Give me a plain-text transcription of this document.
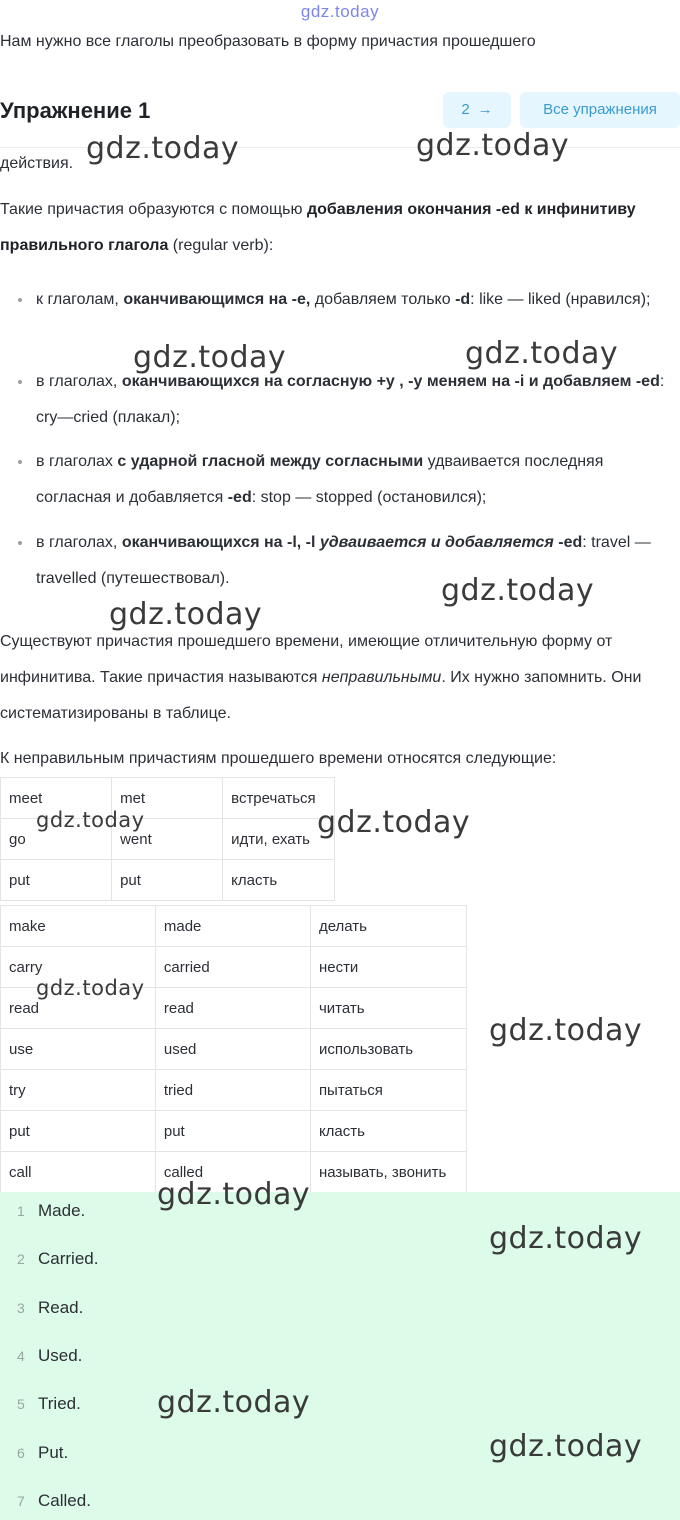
gdz.today
Нам нужно все глаголы преобразовать в форму причастия прошедшего
Упражнение 1	2 →	Все упражнения
действия.
Такие причастия образуются с помощью добавления окончания -ed к инфинитиву правильного глагола (regular verb):
к глаголам, оканчивающимся на -e, добавляем только -d: like — liked (нравился);
в глаголах, оканчивающихся на согласную +y , -y меняем на -i и добавляем -ed: cry—cried (плакал);
в глаголах с ударной гласной между согласными удваивается последняя согласная и добавляется -ed: stop — stopped (остановился);
в глаголах, оканчивающихся на -l, -l удваивается и добавляется -ed: travel —travelled (путешествовал).
Существуют причастия прошедшего времени, имеющие отличительную форму от инфинитива. Такие причастия называются неправильными. Их нужно запомнить. Они систематизированы в таблице.
К неправильным причастиям прошедшего времени относятся следующие:
meet	met	встречаться
go	went	идти, ехать
put	put	класть
make	made	делать
carry	carried	нести
read	read	читать
use	used	использовать
try	tried	пытаться
put	put	класть
call	called	называть, звонить
1 Made.
2 Carried.
3 Read.
4 Used.
5 Tried.
6 Put.
7 Called.
gdz.today	gdz.today
gdz.today	gdz.today
gdz.today
gdz.today
gdz.today	gdz.today
gdz.today
gdz.today
gdz.today
gdz.today
gdz.today
gdz.today
